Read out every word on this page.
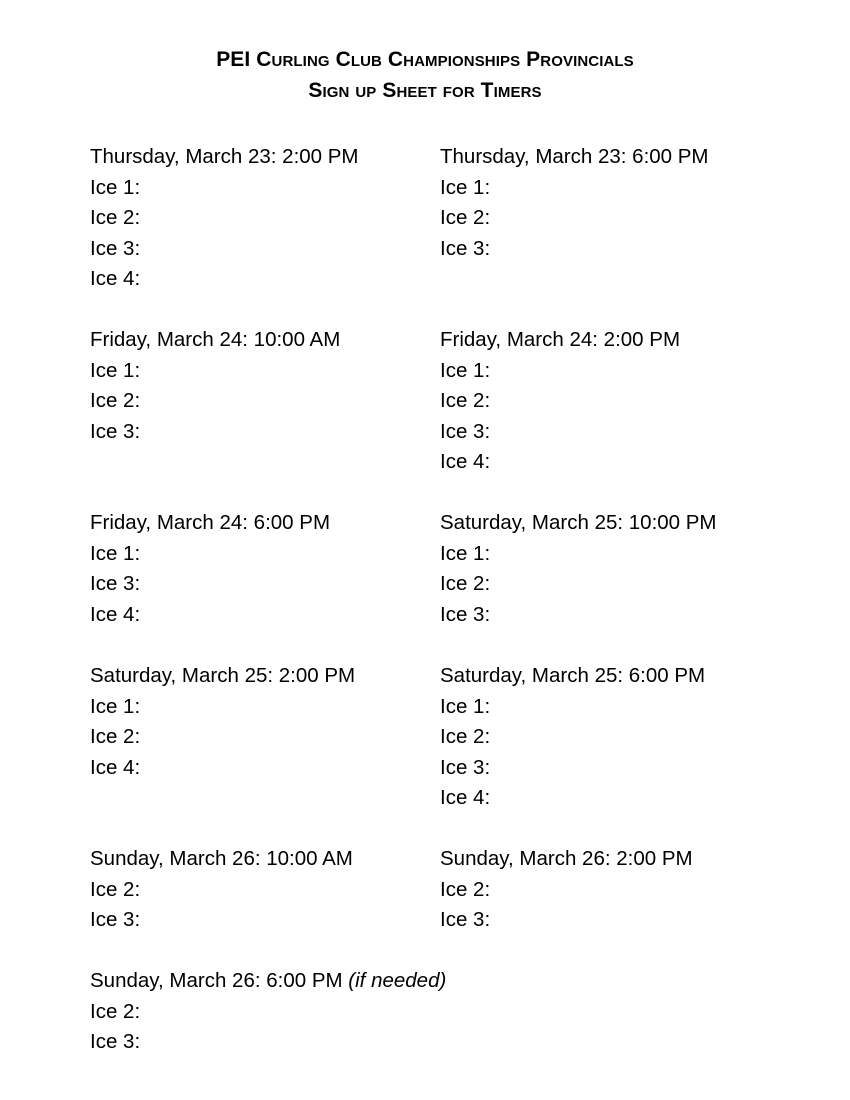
PEI Curling Club Championships Provincials
Sign up Sheet for Timers
Thursday, March 23: 2:00 PM
Ice 1:
Ice 2:
Ice 3:
Ice 4:
Thursday, March 23: 6:00 PM
Ice 1:
Ice 2:
Ice 3:
Friday, March 24: 10:00 AM
Ice 1:
Ice 2:
Ice 3:
Friday, March 24: 2:00 PM
Ice 1:
Ice 2:
Ice 3:
Ice 4:
Friday, March 24: 6:00 PM
Ice 1:
Ice 3:
Ice 4:
Saturday, March 25: 10:00 PM
Ice 1:
Ice 2:
Ice 3:
Saturday, March 25: 2:00 PM
Ice 1:
Ice 2:
Ice 4:
Saturday, March 25: 6:00 PM
Ice 1:
Ice 2:
Ice 3:
Ice 4:
Sunday, March 26: 10:00 AM
Ice 2:
Ice 3:
Sunday, March 26: 2:00 PM
Ice 2:
Ice 3:
Sunday, March 26: 6:00 PM (if needed)
Ice 2:
Ice 3:
